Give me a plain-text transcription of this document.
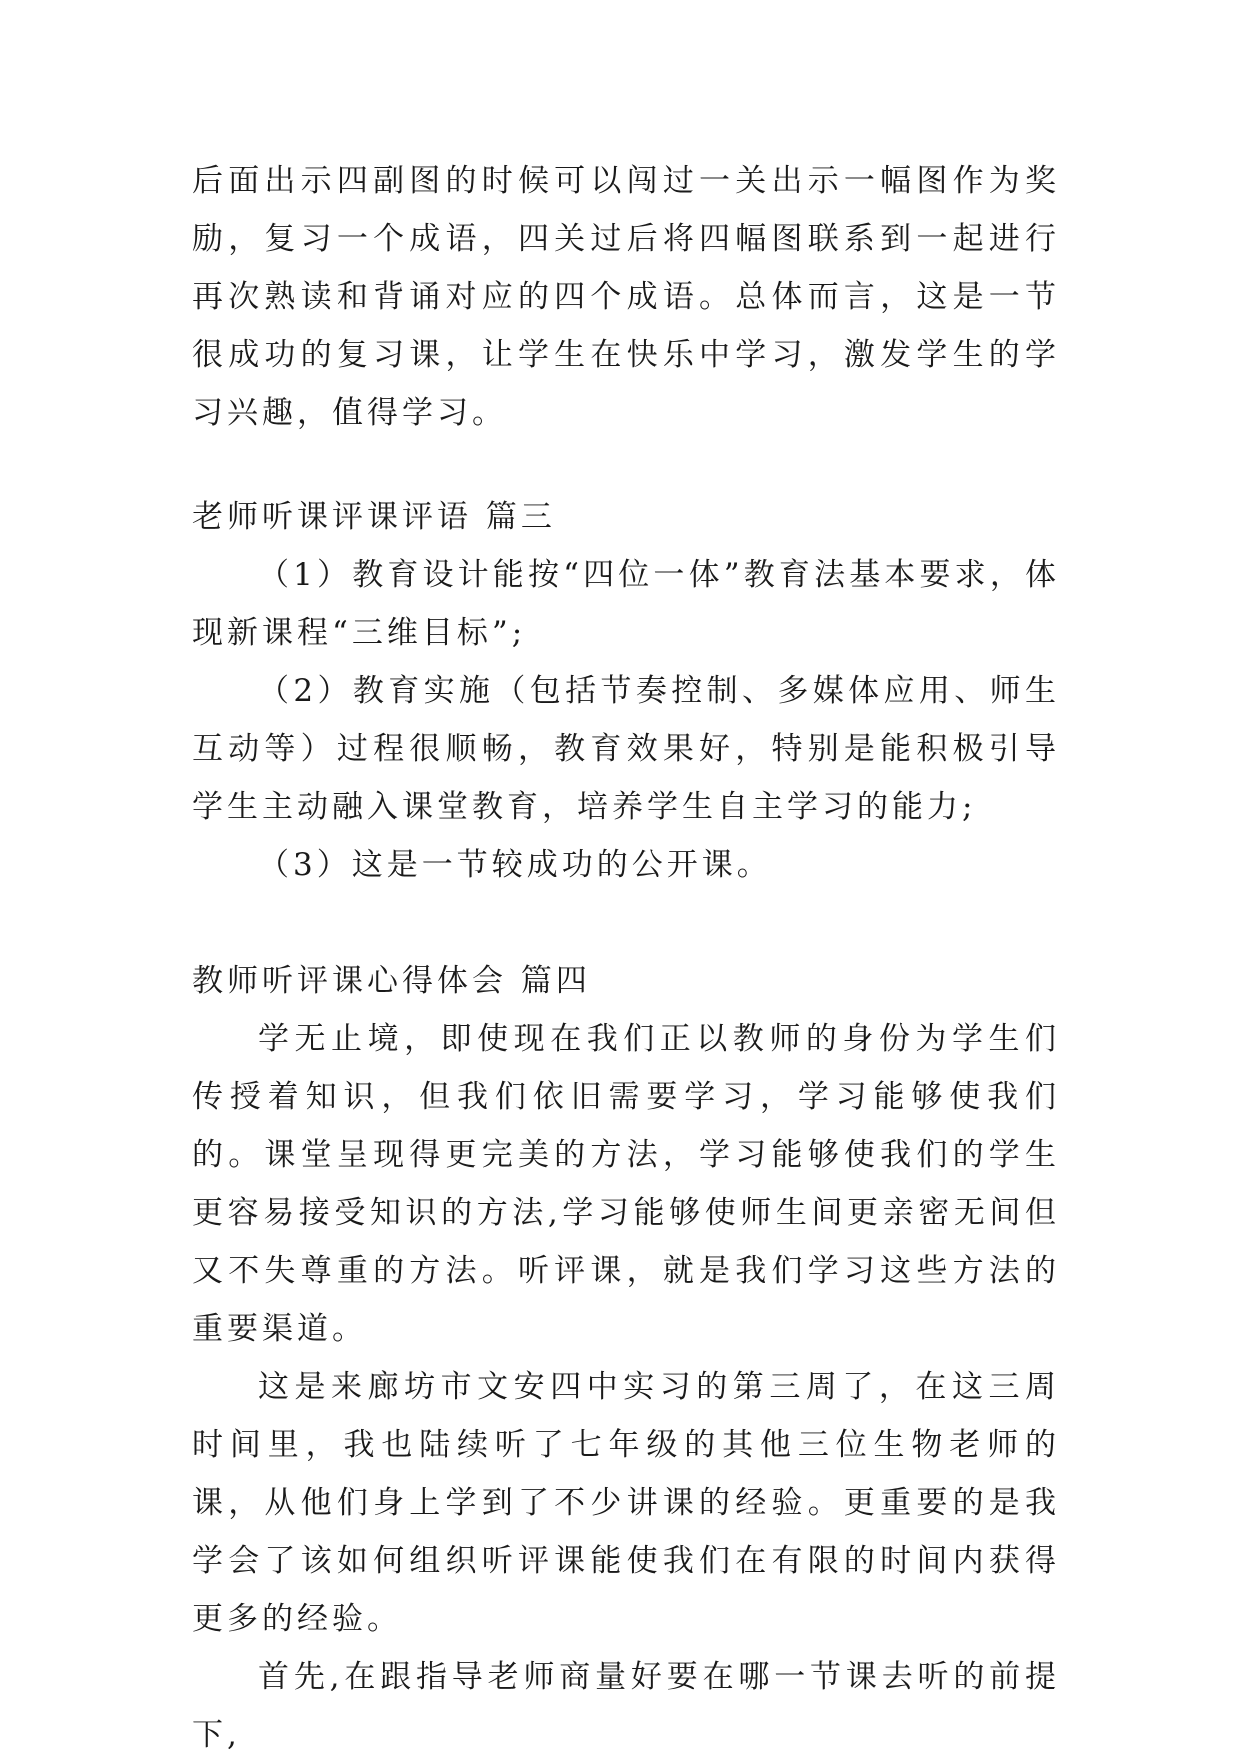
后面出示四副图的时候可以闯过一关出示一幅图作为奖励，复习一个成语，四关过后将四幅图联系到一起进行再次熟读和背诵对应的四个成语。总体而言，这是一节很成功的复习课，让学生在快乐中学习，激发学生的学习兴趣，值得学习。

老师听课评课评语 篇三

（1）教育设计能按“四位一体”教育法基本要求，体现新课程“三维目标”;

（2）教育实施（包括节奏控制、多媒体应用、师生互动等）过程很顺畅，教育效果好，特别是能积极引导学生主动融入课堂教育，培养学生自主学习的能力;

（3）这是一节较成功的公开课。

教师听评课心得体会 篇四

学无止境，即使现在我们正以教师的身份为学生们传授着知识，但我们依旧需要学习，学习能够使我们的。课堂呈现得更完美的方法，学习能够使我们的学生更容易接受知识的方法,学习能够使师生间更亲密无间但又不失尊重的方法。听评课，就是我们学习这些方法的重要渠道。

这是来廊坊市文安四中实习的第三周了，在这三周时间里，我也陆续听了七年级的其他三位生物老师的课，从他们身上学到了不少讲课的经验。更重要的是我学会了该如何组织听评课能使我们在有限的时间内获得更多的经验。

首先,在跟指导老师商量好要在哪一节课去听的前提下,
